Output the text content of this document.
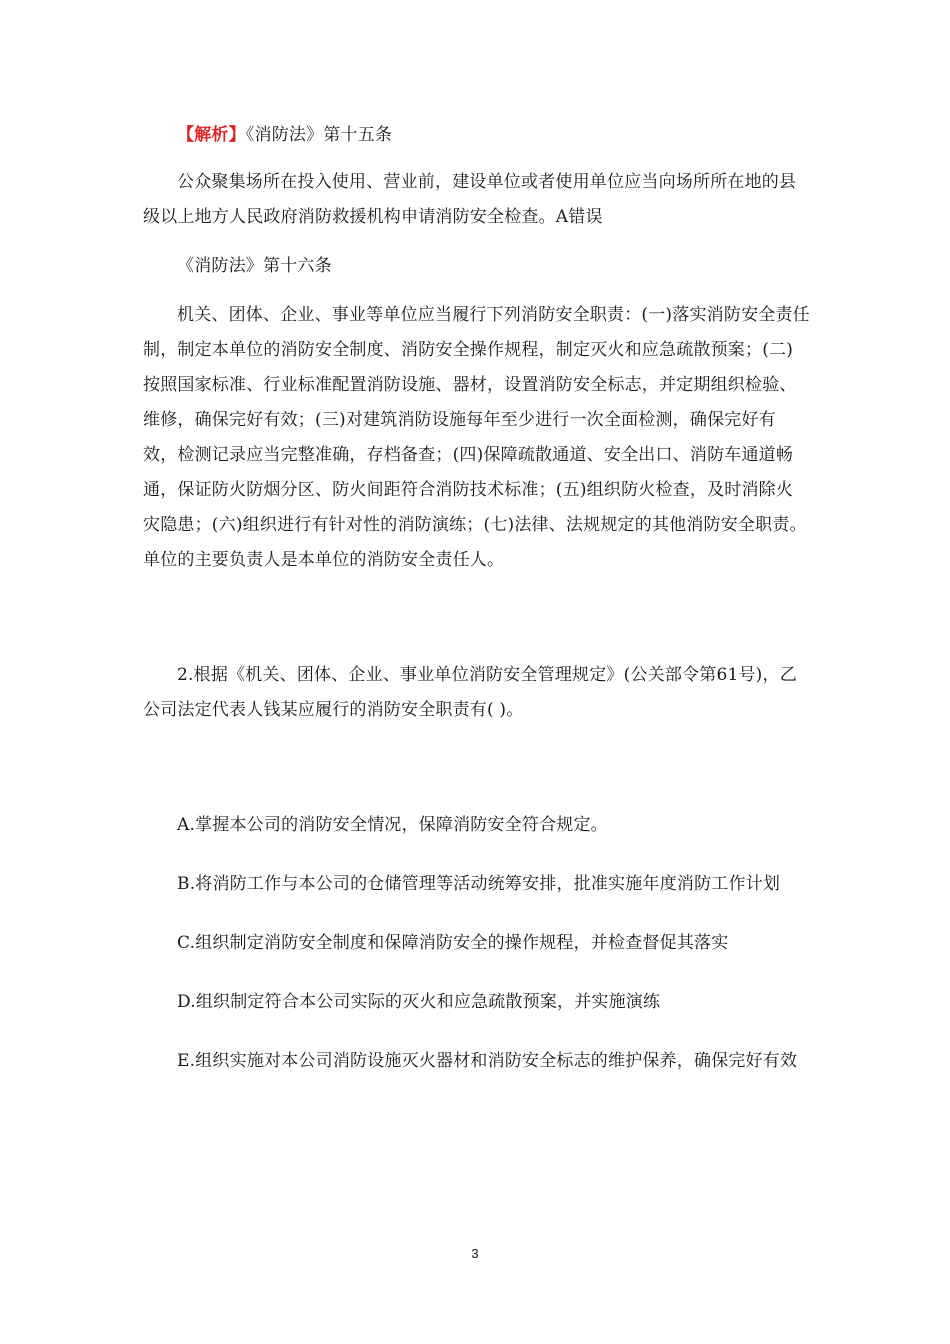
【解析】《消防法》第十五条

公众聚集场所在投入使用、营业前，建设单位或者使用单位应当向场所所在地的县级以上地方人民政府消防救援机构申请消防安全检查。A错误

《消防法》第十六条

机关、团体、企业、事业等单位应当履行下列消防安全职责：(一)落实消防安全责任制，制定本单位的消防安全制度、消防安全操作规程，制定灭火和应急疏散预案；(二)按照国家标准、行业标准配置消防设施、器材，设置消防安全标志，并定期组织检验、维修，确保完好有效；(三)对建筑消防设施每年至少进行一次全面检测，确保完好有效，检测记录应当完整准确，存档备查；(四)保障疏散通道、安全出口、消防车通道畅通，保证防火防烟分区、防火间距符合消防技术标准；(五)组织防火检查，及时消除火灾隐患；(六)组织进行有针对性的消防演练；(七)法律、法规规定的其他消防安全职责。单位的主要负责人是本单位的消防安全责任人。

2.根据《机关、团体、企业、事业单位消防安全管理规定》(公关部令第61号)，乙公司法定代表人钱某应履行的消防安全职责有( )。

A.掌握本公司的消防安全情况，保障消防安全符合规定。

B.将消防工作与本公司的仓储管理等活动统筹安排，批准实施年度消防工作计划

C.组织制定消防安全制度和保障消防安全的操作规程，并检查督促其落实

D.组织制定符合本公司实际的灭火和应急疏散预案，并实施演练

E.组织实施对本公司消防设施灭火器材和消防安全标志的维护保养，确保完好有效

3
